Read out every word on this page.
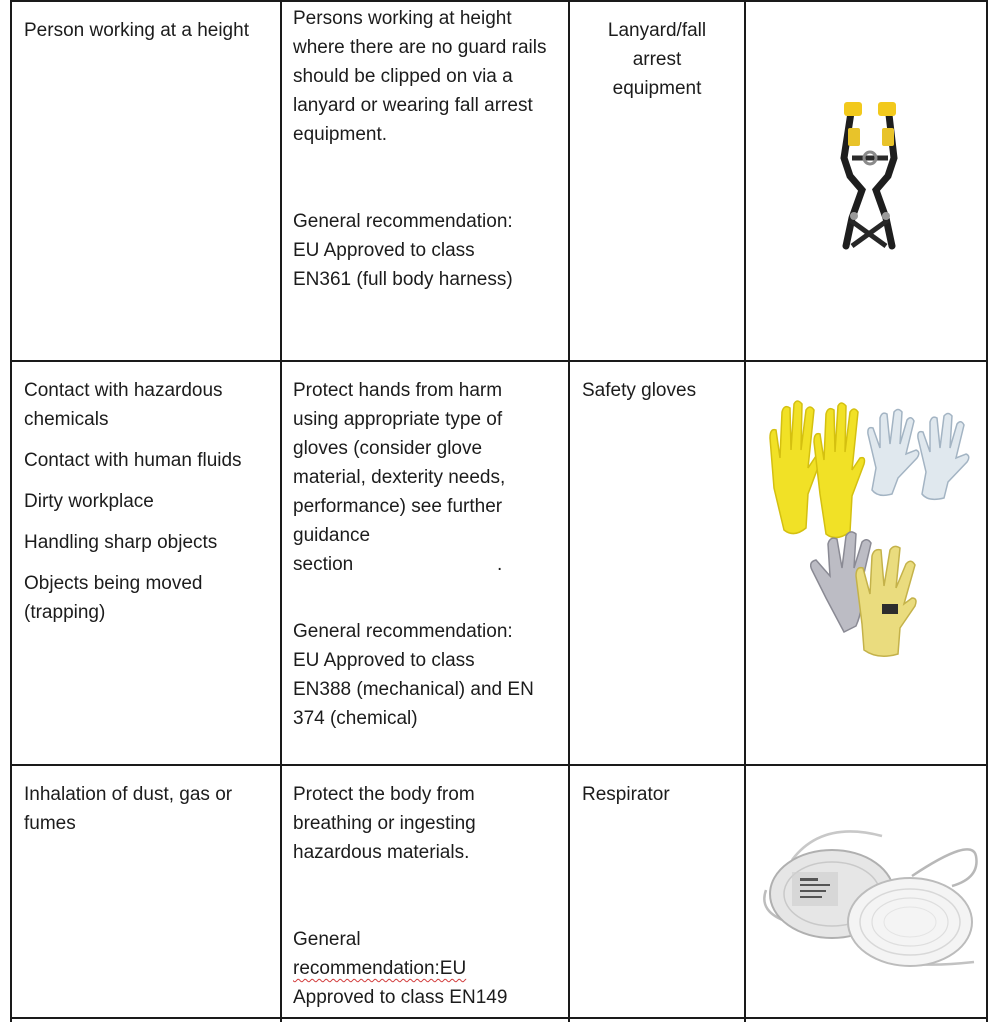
Person working at a height

Persons working at height where there are no guard rails should be clipped on via a lanyard or wearing fall arrest equipment.

General recommendation:

EU Approved to class

EN361 (full body harness)

Lanyard/fall arrest equipment

Contact with hazardous chemicals

Contact with human fluids

Dirty workplace

Handling sharp objects

Objects being moved (trapping)

Protect hands from harm

using appropriate type of

gloves (consider glove

material, dexterity needs,

performance) see further

guidance

section	.

General recommendation:

EU Approved to class

EN388 (mechanical) and EN

374 (chemical)

Safety gloves

Inhalation of dust, gas or fumes

Protect the body from breathing or ingesting hazardous materials.

General

recommendation:EU

Approved to class EN149

Respirator
